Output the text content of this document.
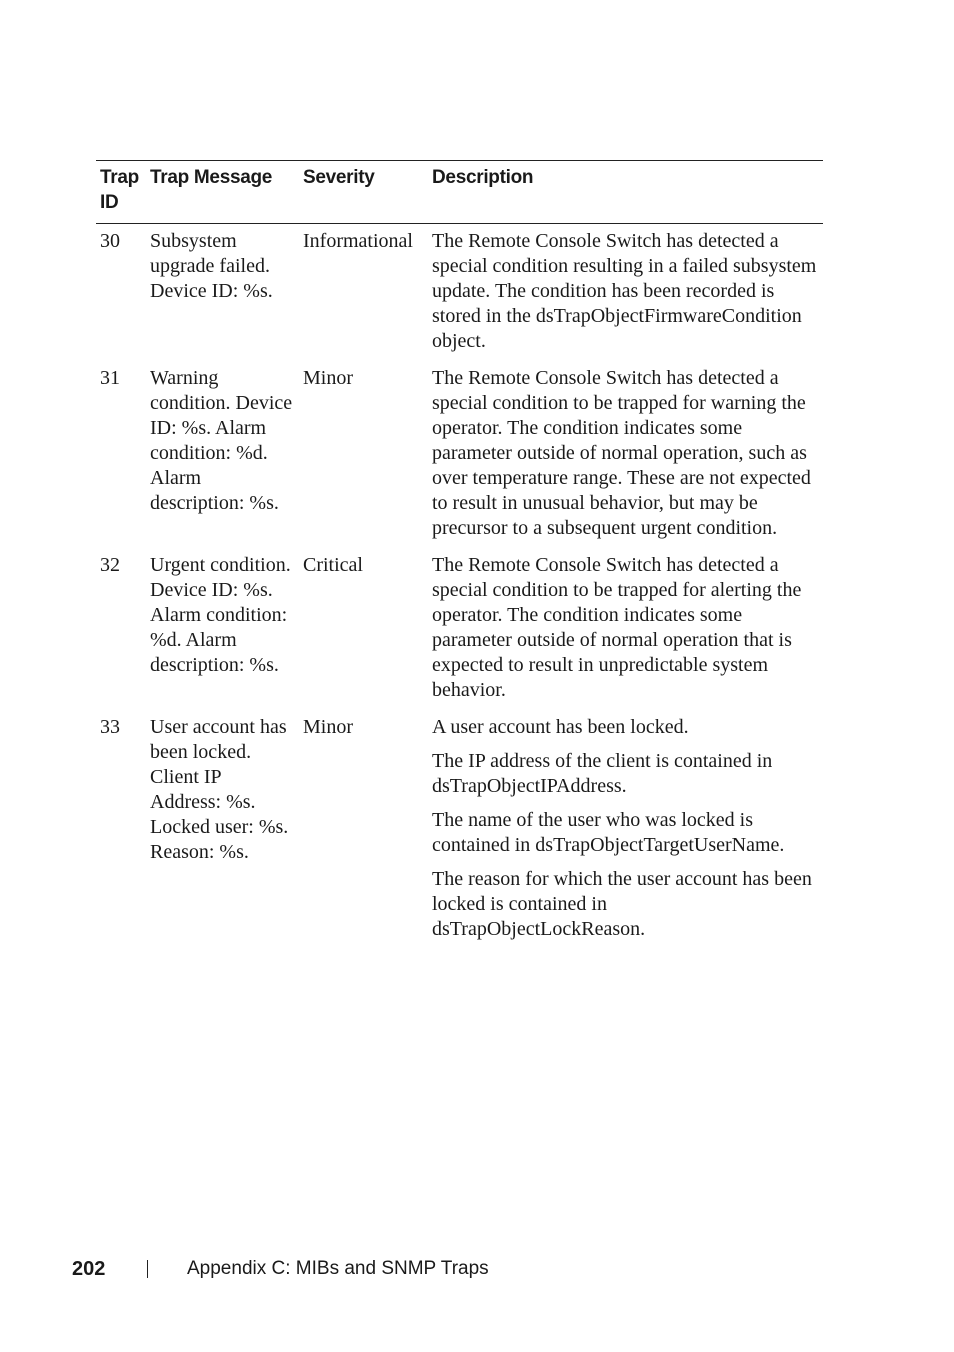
Trap ID	Trap Message	Severity	Description
30	Subsystem upgrade failed. Device ID: %s.	Informational	The Remote Console Switch has detected a special condition resulting in a failed subsystem update. The condition has been recorded is stored in the dsTrapObjectFirmwareCondition object.

31	Warning condition. Device ID: %s. Alarm condition: %d. Alarm description: %s.	Minor	The Remote Console Switch has detected a special condition to be trapped for warning the operator. The condition indicates some parameter outside of normal operation, such as over temperature range. These are not expected to result in unusual behavior, but may be precursor to a subsequent urgent condition.

32	Urgent condition. Device ID: %s. Alarm condition: %d. Alarm description: %s.	Critical	The Remote Console Switch has detected a special condition to be trapped for alerting the operator. The condition indicates some parameter outside of normal operation that is expected to result in unpredictable system behavior.

33	User account has been locked. Client IP Address: %s. Locked user: %s. Reason: %s.	Minor	A user account has been locked.

The IP address of the client is contained in dsTrapObjectIPAddress.

The name of the user who was locked is contained in dsTrapObjectTargetUserName.

The reason for which the user account has been locked is contained in dsTrapObjectLockReason.

202	Appendix C: MIBs and SNMP Traps
